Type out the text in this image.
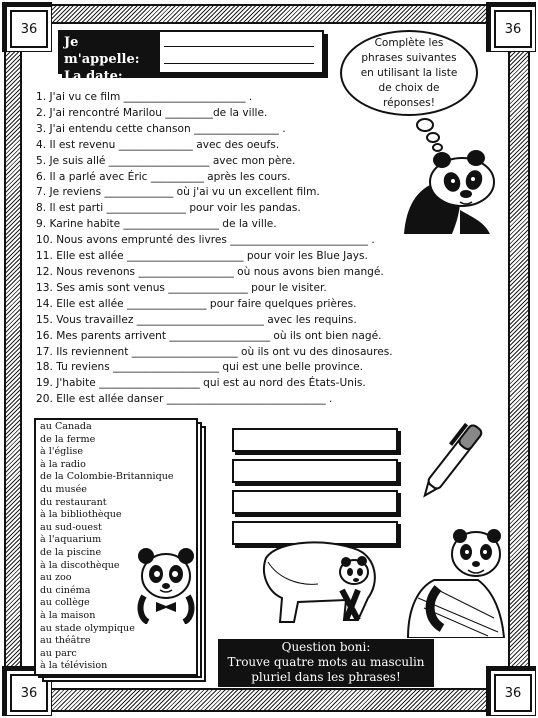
36	36
36	36
Je m'appelle:
La date:
Complète les phrases suivantes en utilisant la liste de choix de réponses!
1. J'ai vu ce film _______________________ .
2. J'ai rencontré Marilou _________de la ville.
3. J'ai entendu cette chanson ________________ .
4. Il est revenu ______________ avec des oeufs.
5. Je suis allé ___________________ avec mon père.
6. Il a parlé avec Éric __________ après les cours.
7. Je reviens _____________ où j'ai vu un excellent film.
8. Il est parti _______________ pour voir les pandas.
9. Karine habite __________________ de la ville.
10. Nous avons emprunté des livres __________________________ .
11. Elle est allée ______________________ pour voir les Blue Jays.
12. Nous revenons __________________ où nous avons bien mangé.
13. Ses amis sont venus _______________ pour le visiter.
14. Elle est allée _______________ pour faire quelques prières.
15. Vous travaillez ________________________ avec les requins.
16. Mes parents arrivent ___________________ où ils ont bien nagé.
17. Ils reviennent ____________________ où ils ont vu des dinosaures.
18. Tu reviens ____________________ qui est une belle province.
19. J'habite ___________________ qui est au nord des États-Unis.
20. Elle est allée danser ______________________________ .
au Canada
de la ferme
à l'église
à la radio
de la Colombie-Britannique
du musée
du restaurant
à la bibliothèque
au sud-ouest
à l'aquarium
de la piscine
à la discothèque
au zoo
du cinéma
au collège
à la maison
au stade olympique
au théâtre
au parc
à la télévision
Question boni:
Trouve quatre mots au masculin pluriel dans les phrases!
